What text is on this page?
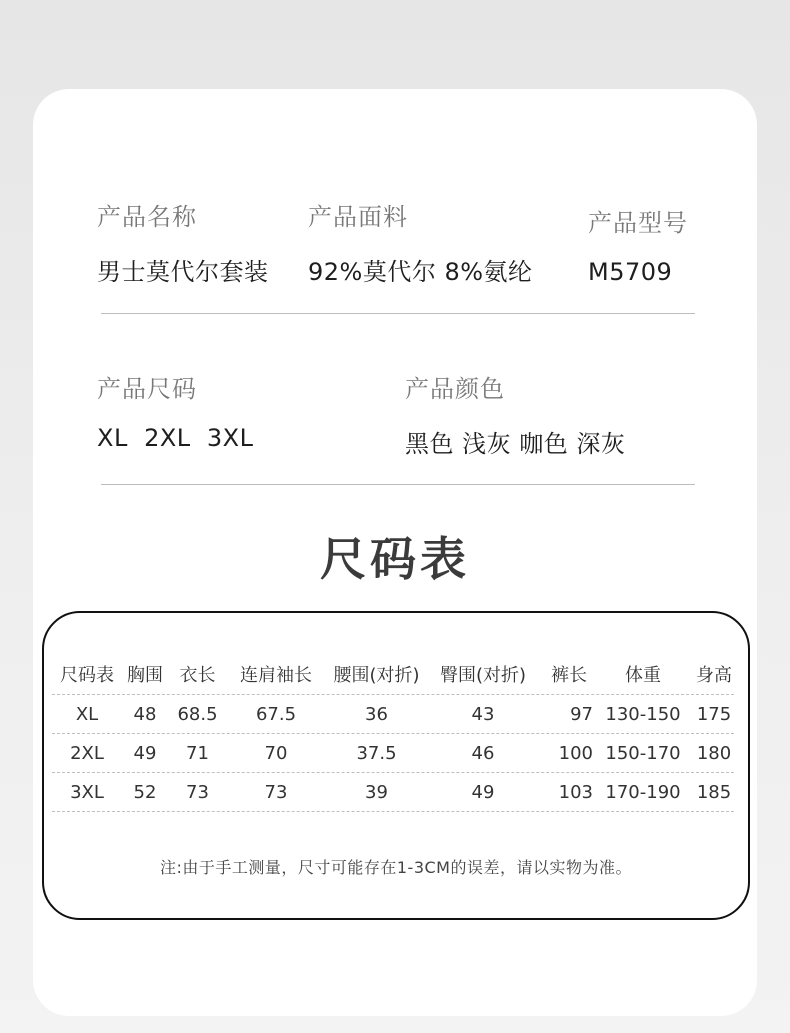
产品名称
男士莫代尔套装
产品面料
92%莫代尔 8%氨纶
产品型号
M5709
产品尺码
XL  2XL  3XL
产品颜色
黑色 浅灰 咖色 深灰
尺码表
尺码表 胸围 衣长	连肩袖长	腰围(对折)	臀围(对折)	裤长	体重	身高
XL	48	68.5	67.5	36	43	97 130-150 175
2XL	49	71	70	37.5	46	100 150-170 180
3XL	52	73	73	39	49	103 170-190 185
注:由于手工测量，尺寸可能存在1-3CM的误差，请以实物为准。
